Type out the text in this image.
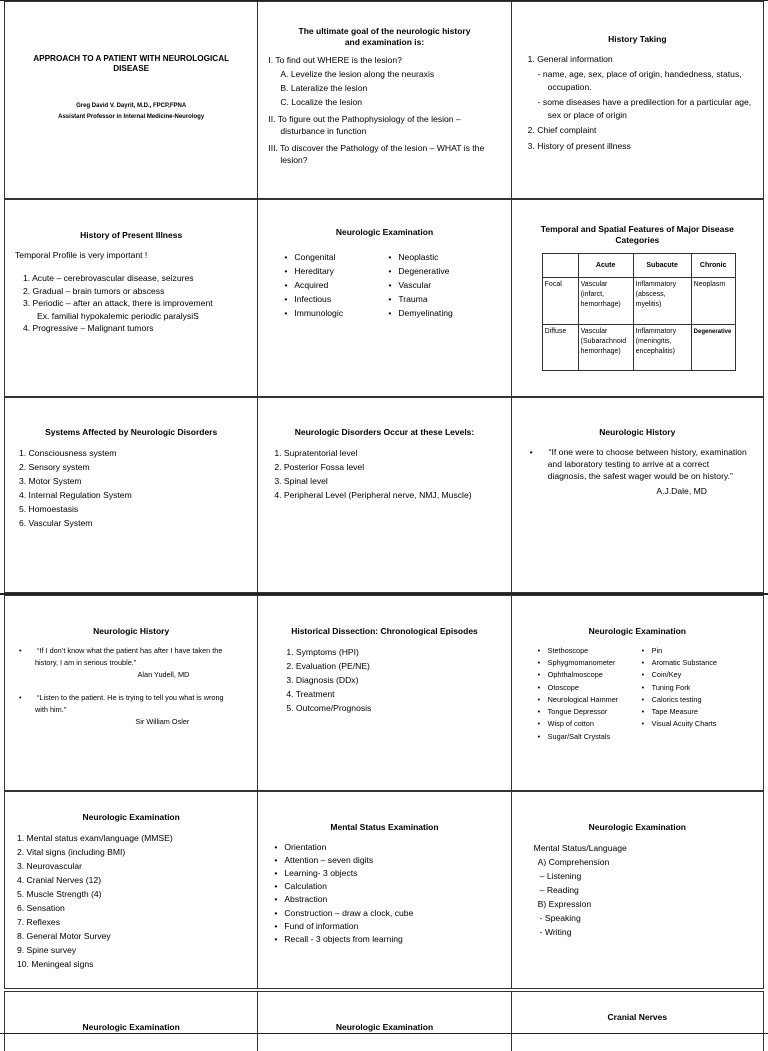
APPROACH TO A PATIENT WITH NEUROLOGICAL DISEASE
Greg David V. Dayrit, M.D., FPCP,FPNA
Assistant Professor in Internal Medicine-Neurology
The ultimate goal of the neurologic history and examination is:
I. To find out WHERE is the lesion?
A. Levelize the lesion along the neuraxis
B. Lateralize the lesion
C. Localize the lesion
II. To figure out the Pathophysiology of the lesion – disturbance in function
III. To discover the Pathology of the lesion – WHAT is the lesion?
History Taking
1. General information
- name, age, sex, place of origin, handedness, status, occupation.
- some diseases have a predilection for a particular age, sex or place of origin
2. Chief complaint
3. History of present illness
History of Present Illness
Temporal Profile is very important !
1. Acute – cerebrovascular disease, seizures
2. Gradual – brain tumors or abscess
3. Periodic – after an attack, there is improvement
Ex. familial hypokalemic periodic paralysiS
4. Progressive – Malignant tumors
Neurologic Examination
• Congenital
• Hereditary
• Acquired
• Infectious
• Immunologic
• Neoplastic
• Degenerative
• Vascular
• Trauma
• Demyelinating
Temporal and Spatial Features of Major Disease Categories
	Acute	Subacute	Chronic
Focal	Vascular (infarct, hemorrhage)	Inflammatory (abscess, myelitis)	Neoplasm
Diffuse	Vascular (Subarachnoid hemorrhage)	Inflammatory (meningitis, encephalitis)	Degenerative
Systems Affected by Neurologic Disorders
1. Consciousness system
2. Sensory system
3. Motor System
4. Internal Regulation System
5. Homoestasis
6. Vascular System
Neurologic Disorders Occur at these Levels:
1. Supratentorial level
2. Posterior Fossa level
3. Spinal level
4. Peripheral Level (Peripheral nerve, NMJ, Muscle)
Neurologic History
• “If one were to choose between history, examination and laboratory testing to arrive at a correct diagnosis, the safest wager would be on history.”
A.J.Dale, MD
Neurologic History
• “If I don’t know what the patient has after I have taken the history, I am in serious trouble.”
Alan Yudell, MD
• “Listen to the patient. He is trying to tell you what is wrong with him.”
Sir William Osler
Historical Dissection: Chronological Episodes
1. Symptoms (HPI)
2. Evaluation (PE/NE)
3. Diagnosis (DDx)
4. Treatment
5. Outcome/Prognosis
Neurologic Examination
• Stethoscope
• Sphygmomanometer
• Ophthalmoscope
• Otoscope
• Neurological Hammer
• Tongue Depressor
• Wisp of cotton
• Sugar/Salt Crystals
• Pin
• Aromatic Substance
• Coin/Key
• Tuning Fork
• Calorics testing
• Tape Measure
• Visual Acuity Charts
Neurologic Examination
1. Mental status exam/language (MMSE)
2. Vital signs (including BMI)
3. Neurovascular
4. Cranial Nerves (12)
5. Muscle Strength (4)
6. Sensation
7. Reflexes
8. General Motor Survey
9. Spine survey
10. Meningeal signs
Mental Status Examination
• Orientation
• Attention – seven digits
• Learning- 3 objects
• Calculation
• Abstraction
• Construction – draw a clock, cube
• Fund of information
• Recall - 3 objects from learning
Neurologic Examination
Mental Status/Language
A) Comprehension
– Listening
– Reading
B) Expression
- Speaking
- Writing
Neurologic Examination	Neurologic Examination
Cranial Nerves
